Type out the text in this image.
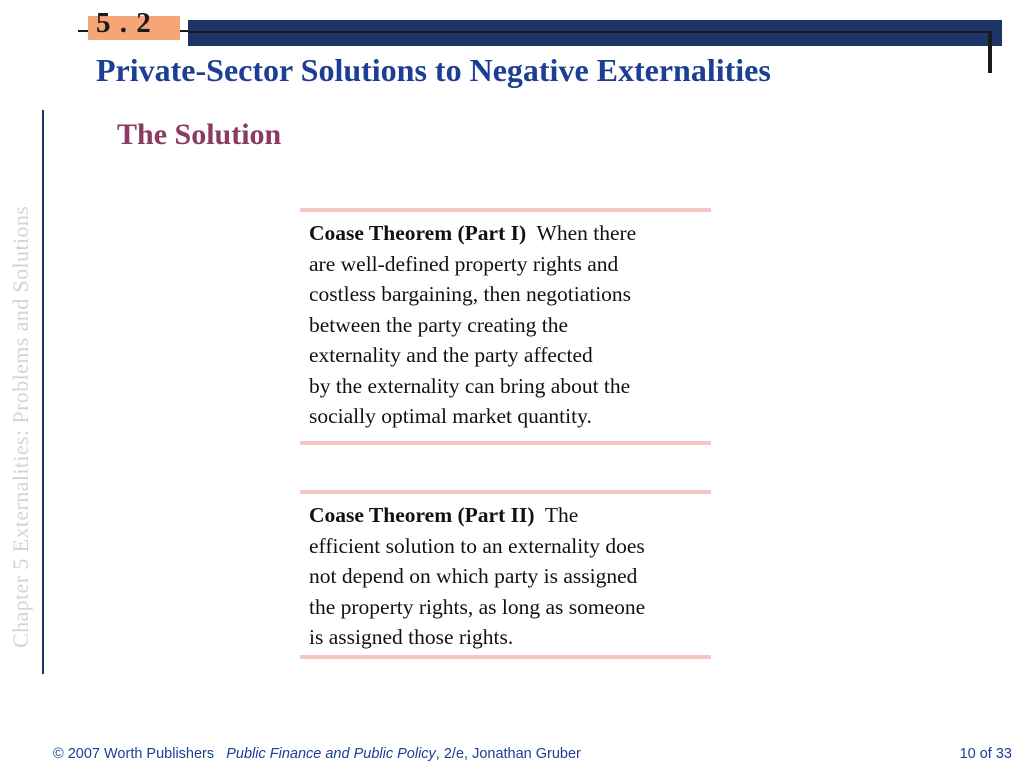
5 . 2
Private-Sector Solutions to Negative Externalities
Chapter 5 Externalities: Problems and Solutions
The Solution
Coase Theorem (Part I) When there
are well-defined property rights and
costless bargaining, then negotiations
between the party creating the
externality and the party affected
by the externality can bring about the
socially optimal market quantity.
Coase Theorem (Part II) The
efficient solution to an externality does
not depend on which party is assigned
the property rights, as long as someone
is assigned those rights.
© 2007 Worth Publishers Public Finance and Public Policy, 2/e, Jonathan Gruber	10 of 33
